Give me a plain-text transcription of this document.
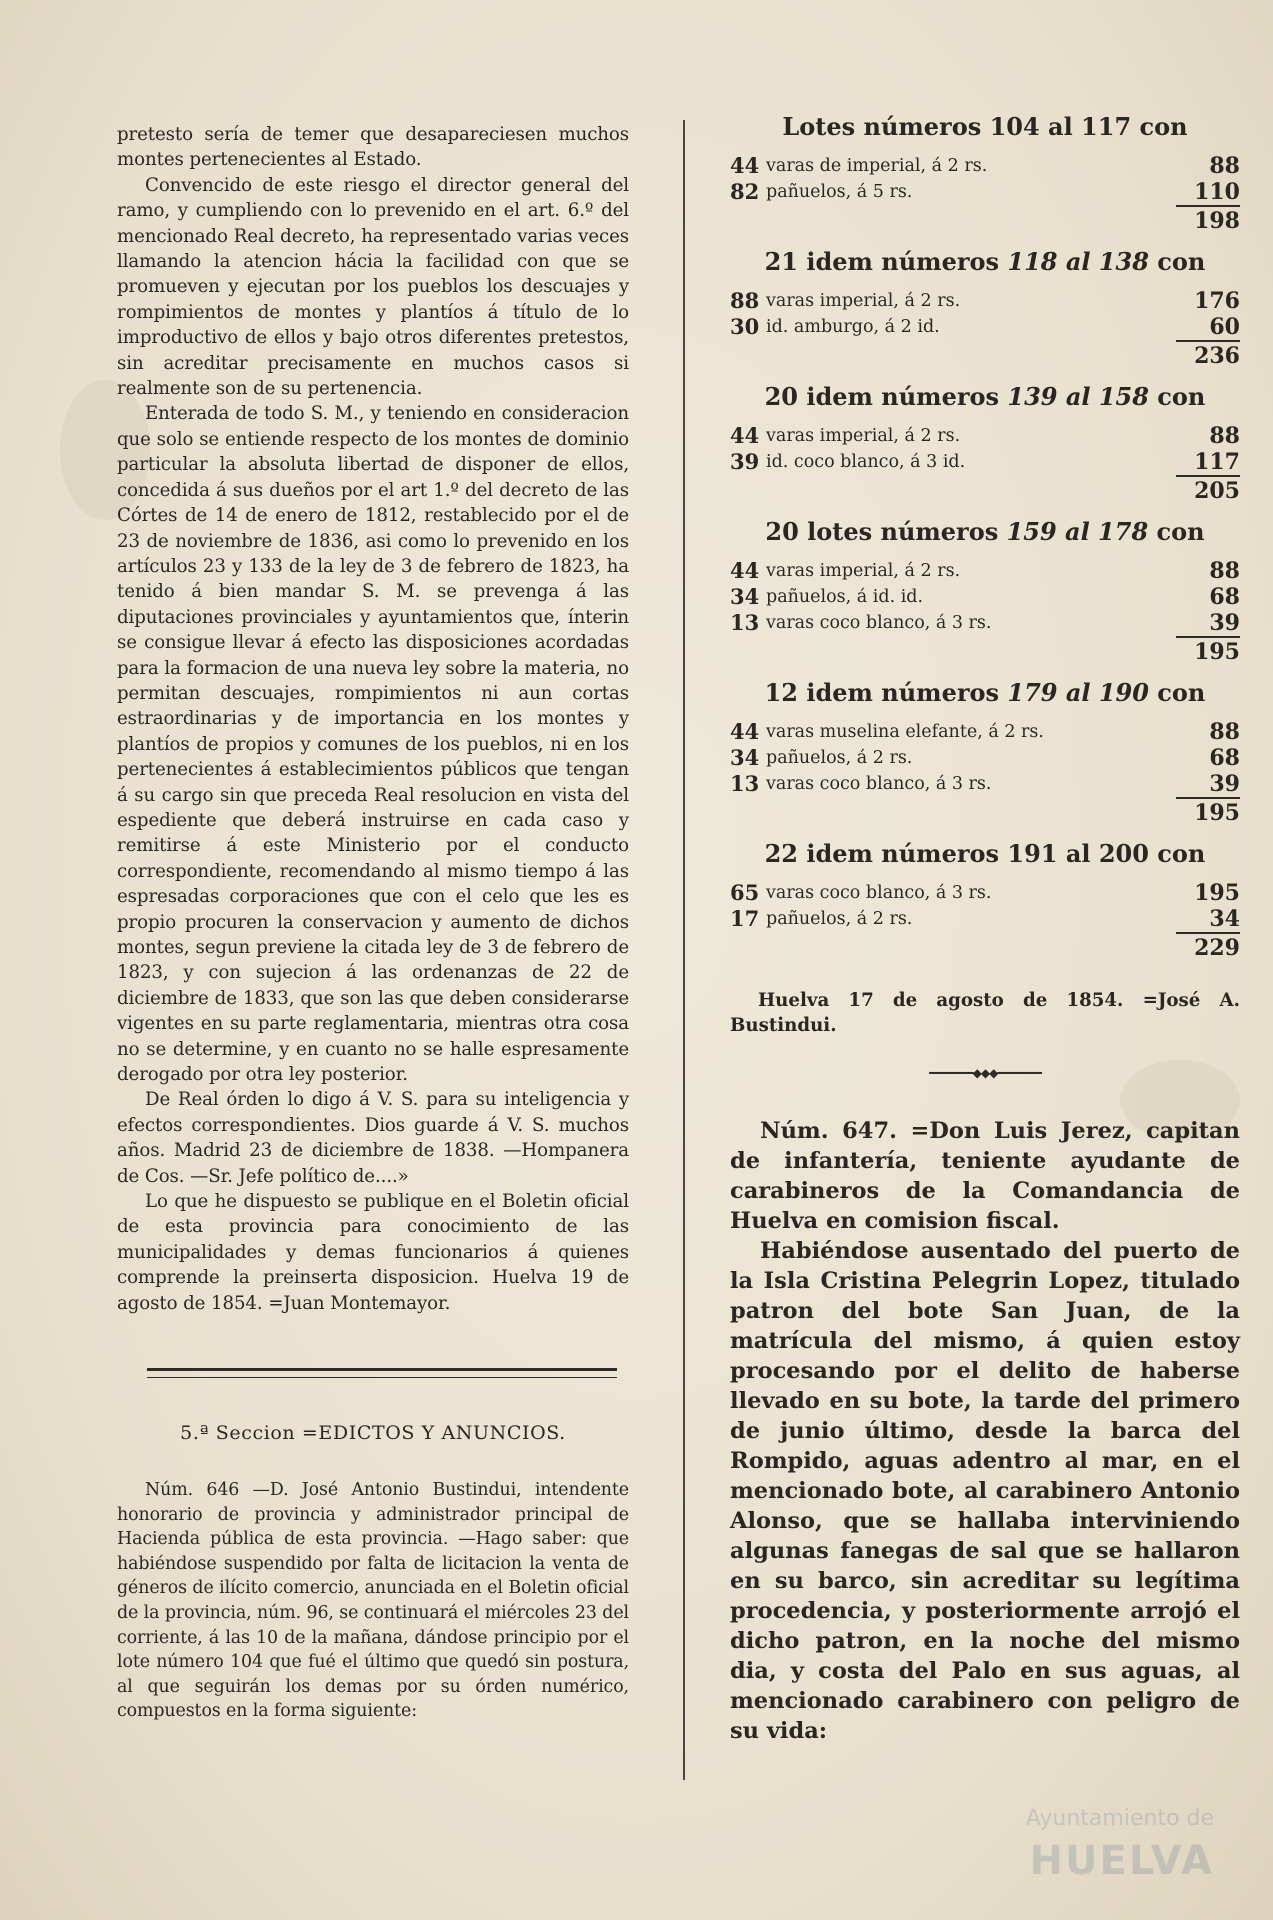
pretesto sería de temer que desapareciesen muchos montes pertenecientes al Estado.

Convencido de este riesgo el director general del ramo, y cumpliendo con lo prevenido en el art. 6.º del mencionado Real decreto, ha representado varias veces llamando la atencion hácia la facilidad con que se promueven y ejecutan por los pueblos los descuajes y rompimientos de montes y plantíos á título de lo improductivo de ellos y bajo otros diferentes pretestos, sin acreditar precisamente en muchos casos si realmente son de su pertenencia.

Enterada de todo S. M., y teniendo en consideracion que solo se entiende respecto de los montes de dominio particular la absoluta libertad de disponer de ellos, concedida á sus dueños por el art 1.º del decreto de las Córtes de 14 de enero de 1812, restablecido por el de 23 de noviembre de 1836, asi como lo prevenido en los artículos 23 y 133 de la ley de 3 de febrero de 1823, ha tenido á bien mandar S. M. se prevenga á las diputaciones provinciales y ayuntamientos que, ínterin se consigue llevar á efecto las disposiciones acordadas para la formacion de una nueva ley sobre la materia, no permitan descuajes, rompimientos ni aun cortas estraordinarias y de importancia en los montes y plantíos de propios y comunes de los pueblos, ni en los pertenecientes á establecimientos públicos que tengan á su cargo sin que preceda Real resolucion en vista del espediente que deberá instruirse en cada caso y remitirse á este Ministerio por el conducto correspondiente, recomendando al mismo tiempo á las espresadas corporaciones que con el celo que les es propio procuren la conservacion y aumento de dichos montes, segun previene la citada ley de 3 de febrero de 1823, y con sujecion á las ordenanzas de 22 de diciembre de 1833, que son las que deben considerarse vigentes en su parte reglamentaria, mientras otra cosa no se determine, y en cuanto no se halle espresamente derogado por otra ley posterior.

De Real órden lo digo á V. S. para su inteligencia y efectos correspondientes. Dios guarde á V. S. muchos años. Madrid 23 de diciembre de 1838. —Hompanera de Cos. —Sr. Jefe político de....»

Lo que he dispuesto se publique en el Boletin oficial de esta provincia para conocimiento de las municipalidades y demas funcionarios á quienes comprende la preinserta disposicion. Huelva 19 de agosto de 1854. =Juan Montemayor.

5.ª Seccion =EDICTOS Y ANUNCIOS.

Núm. 646 —D. José Antonio Bustindui, intendente honorario de provincia y administrador principal de Hacienda pública de esta provincia. —Hago saber: que habiéndose suspendido por falta de licitacion la venta de géneros de ilícito comercio, anunciada en el Boletin oficial de la provincia, núm. 96, se continuará el miércoles 23 del corriente, á las 10 de la mañana, dándose principio por el lote número 104 que fué el último que quedó sin postura, al que seguirán los demas por su órden numérico, compuestos en la forma siguiente:

Lotes números 104 al 117 con
44	varas de imperial, á 2 rs.	88
82	pañuelos, á 5 rs.	110
198
21 idem números 118 al 138 con
88	varas imperial, á 2 rs.	176
30	id. amburgo, á 2 id.	60
236
20 idem números 139 al 158 con
44	varas imperial, á 2 rs.	88
39	id. coco blanco, á 3 id.	117
205
20 lotes números 159 al 178 con
44	varas imperial, á 2 rs.	88
34	pañuelos, á id. id.	68
13	varas coco blanco, á 3 rs.	39
195
12 idem números 179 al 190 con
44	varas muselina elefante, á 2 rs.	88
34	pañuelos, á 2 rs.	68
13	varas coco blanco, á 3 rs.	39
195
22 idem números 191 al 200 con
65	varas coco blanco, á 3 rs.	195
17	pañuelos, á 2 rs.	34
229

Huelva 17 de agosto de 1854. =José A. Bustindui.

━━━━━━━◆◆◆━━━━━━━

Núm. 647. =Don Luis Jerez, capitan de infantería, teniente ayudante de carabineros de la Comandancia de Huelva en comision fiscal.

Habiéndose ausentado del puerto de la Isla Cristina Pelegrin Lopez, titulado patron del bote San Juan, de la matrícula del mismo, á quien estoy procesando por el delito de haberse llevado en su bote, la tarde del primero de junio último, desde la barca del Rompido, aguas adentro al mar, en el mencionado bote, al carabinero Antonio Alonso, que se hallaba interviniendo algunas fanegas de sal que se hallaron en su barco, sin acreditar su legítima procedencia, y posteriormente arrojó el dicho patron, en la noche del mismo dia, y costa del Palo en sus aguas, al mencionado carabinero con peligro de su vida:

Ayuntamiento de
HUELVA
